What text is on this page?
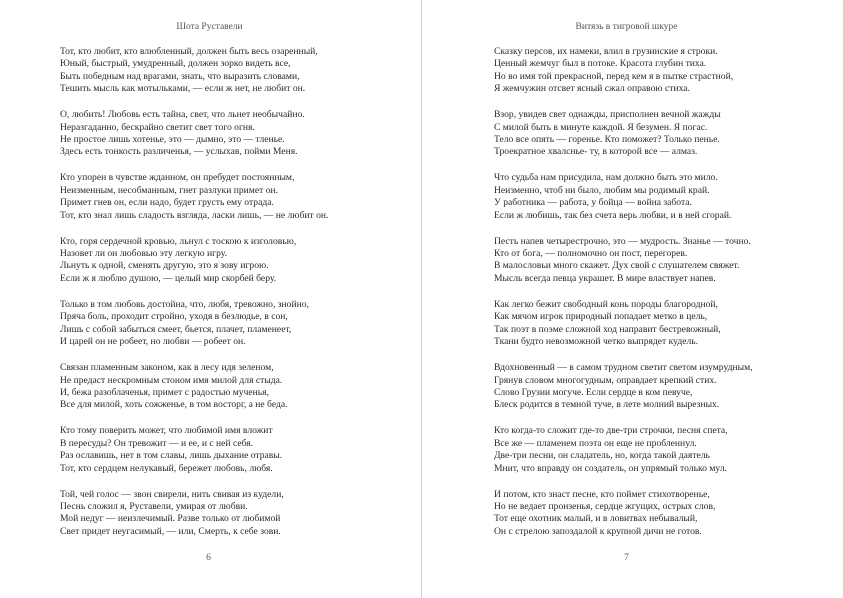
Шота Руставели
Тот, кто любит, кто влюбленный, должен быть весь озаренный,
Юный, быстрый, умудренный, должен зорко видеть все,
Быть победным над врагами, знать, что выразить словами,
Тешить мысль как мотыльками, — если ж нет, не любит он.
О, любить! Любовь есть тайна, свет, что льнет необычайно.
Неразгаданно, бескрайно светит свет того огня.
Не простое лишь хотенье, это — дымно, это — тленье.
Здесь есть тонкость различенья, — услыхав, пойми Меня.
Кто упорен в чувстве жданном, он пребудет постоянным,
Неизменным, несобманным, гнет разлуки примет он.
Примет гнев он, если надо, будет грусть ему отрада.
Тот, кто знал лишь сладость взгляда, ласки лишь, — не любит он.
Кто, горя сердечной кровью, льнул с тоскою к изголовью,
Назовет ли он любовью эту легкую игру.
Льнуть к одной, сменять другую, это я зову игрою.
Если ж я люблю душою, — целый мир скорбей беру.
Только в том любовь достойна, что, любя, тревожно, знойно,
Пряча боль, проходит стройно, уходя в безлюдье, в сон,
Лишь с собой забыться смеет, бьется, плачет, пламенеет,
И царей он не робеет, но любви — робеет он.
Связан пламенным законом, как в лесу идя зеленом,
Не предаст нескромным стоном имя милой для стыда.
И, бежа разоблаченья, примет с радостью мученья,
Все для милой, хоть сожженье, в том восторг, а не беда.
Кто тому поверить может, что любимой имя вложит
В пересуды? Он тревожит — и ее, и с ней себя.
Раз ославишь, нет в том славы, лишь дыхание отравы.
Тот, кто сердцем нелукавый, бережет любовь, любя.
Той, чей голос — звон свирели, нить свивая из кудели,
Песнь сложил я, Руставели, умирая от любви.
Мой недуг — неизлечимый. Разве только от любимой
Свет придет неугасимый, — или, Смерть, к себе зови.
6
Витязь в тигровой шкуре
Сказку персов, их намеки, влил в грузинские я строки.
Ценный жемчуг был в потоке. Красота глубин тиха.
Но во имя той прекрасной, перед кем я в пытке страстной,
Я жемчужин отсвет ясный сжал оправою стиха.
Взор, увидев свет однажды, присполнен вечной жажды
С милой быть в минуте каждой. Я безумен. Я погас.
Тело все опять — горенье. Кто поможет? Только пенье.
Троекратное хвалснье- ту, в которой все — алмаз.
Что судьба нам присудила, нам должно быть это мило.
Неизменно, чтоб ни было, любим мы родимый край.
У работника — работа, у бойца — война забота.
Если ж любишь, так без счета верь любви, и в ней сгорай.
Песть напев четырестрочно, это — мудрость. Знанье — точно.
Кто от бога, — полномочно он пост, перегорев.
В малословьи много скажет. Дух свой с слушателем свяжет.
Мысль всегда певца украшет. В мире властвует напев.
Как легко бежит свободный конь породы благородной,
Как мячом игрок природный попадает метко в цель,
Так поэт в поэме сложной ход направит бестревожный,
Ткани будто невозможной четко выпрядет кудель.
Вдохновенный — в самом трудном светит светом изумрудным,
Грянув словом многогудным, оправдает крепкий стих.
Слово Грузии могуче. Если сердце в ком певуче,
Блеск родится в темной туче, в лете молний вырезных.
Кто когда-то сложит где-то две-три строчки, песня спета,
Все же — пламенем поэта он еще не пробленнул.
Две-три песни, он сладатель, но, когда такой даятель
Мнит, что вправду он создатель, он упрямый только мул.
И потом, кто знаст песне, кто поймет стихотворенье,
Но не ведает пронзенья, сердце жгущих, острых слов,
Тот еще охотник малый, и в ловитвах небывалый,
Он с стрелою запоздалой к крупной дичи не готов.
7
